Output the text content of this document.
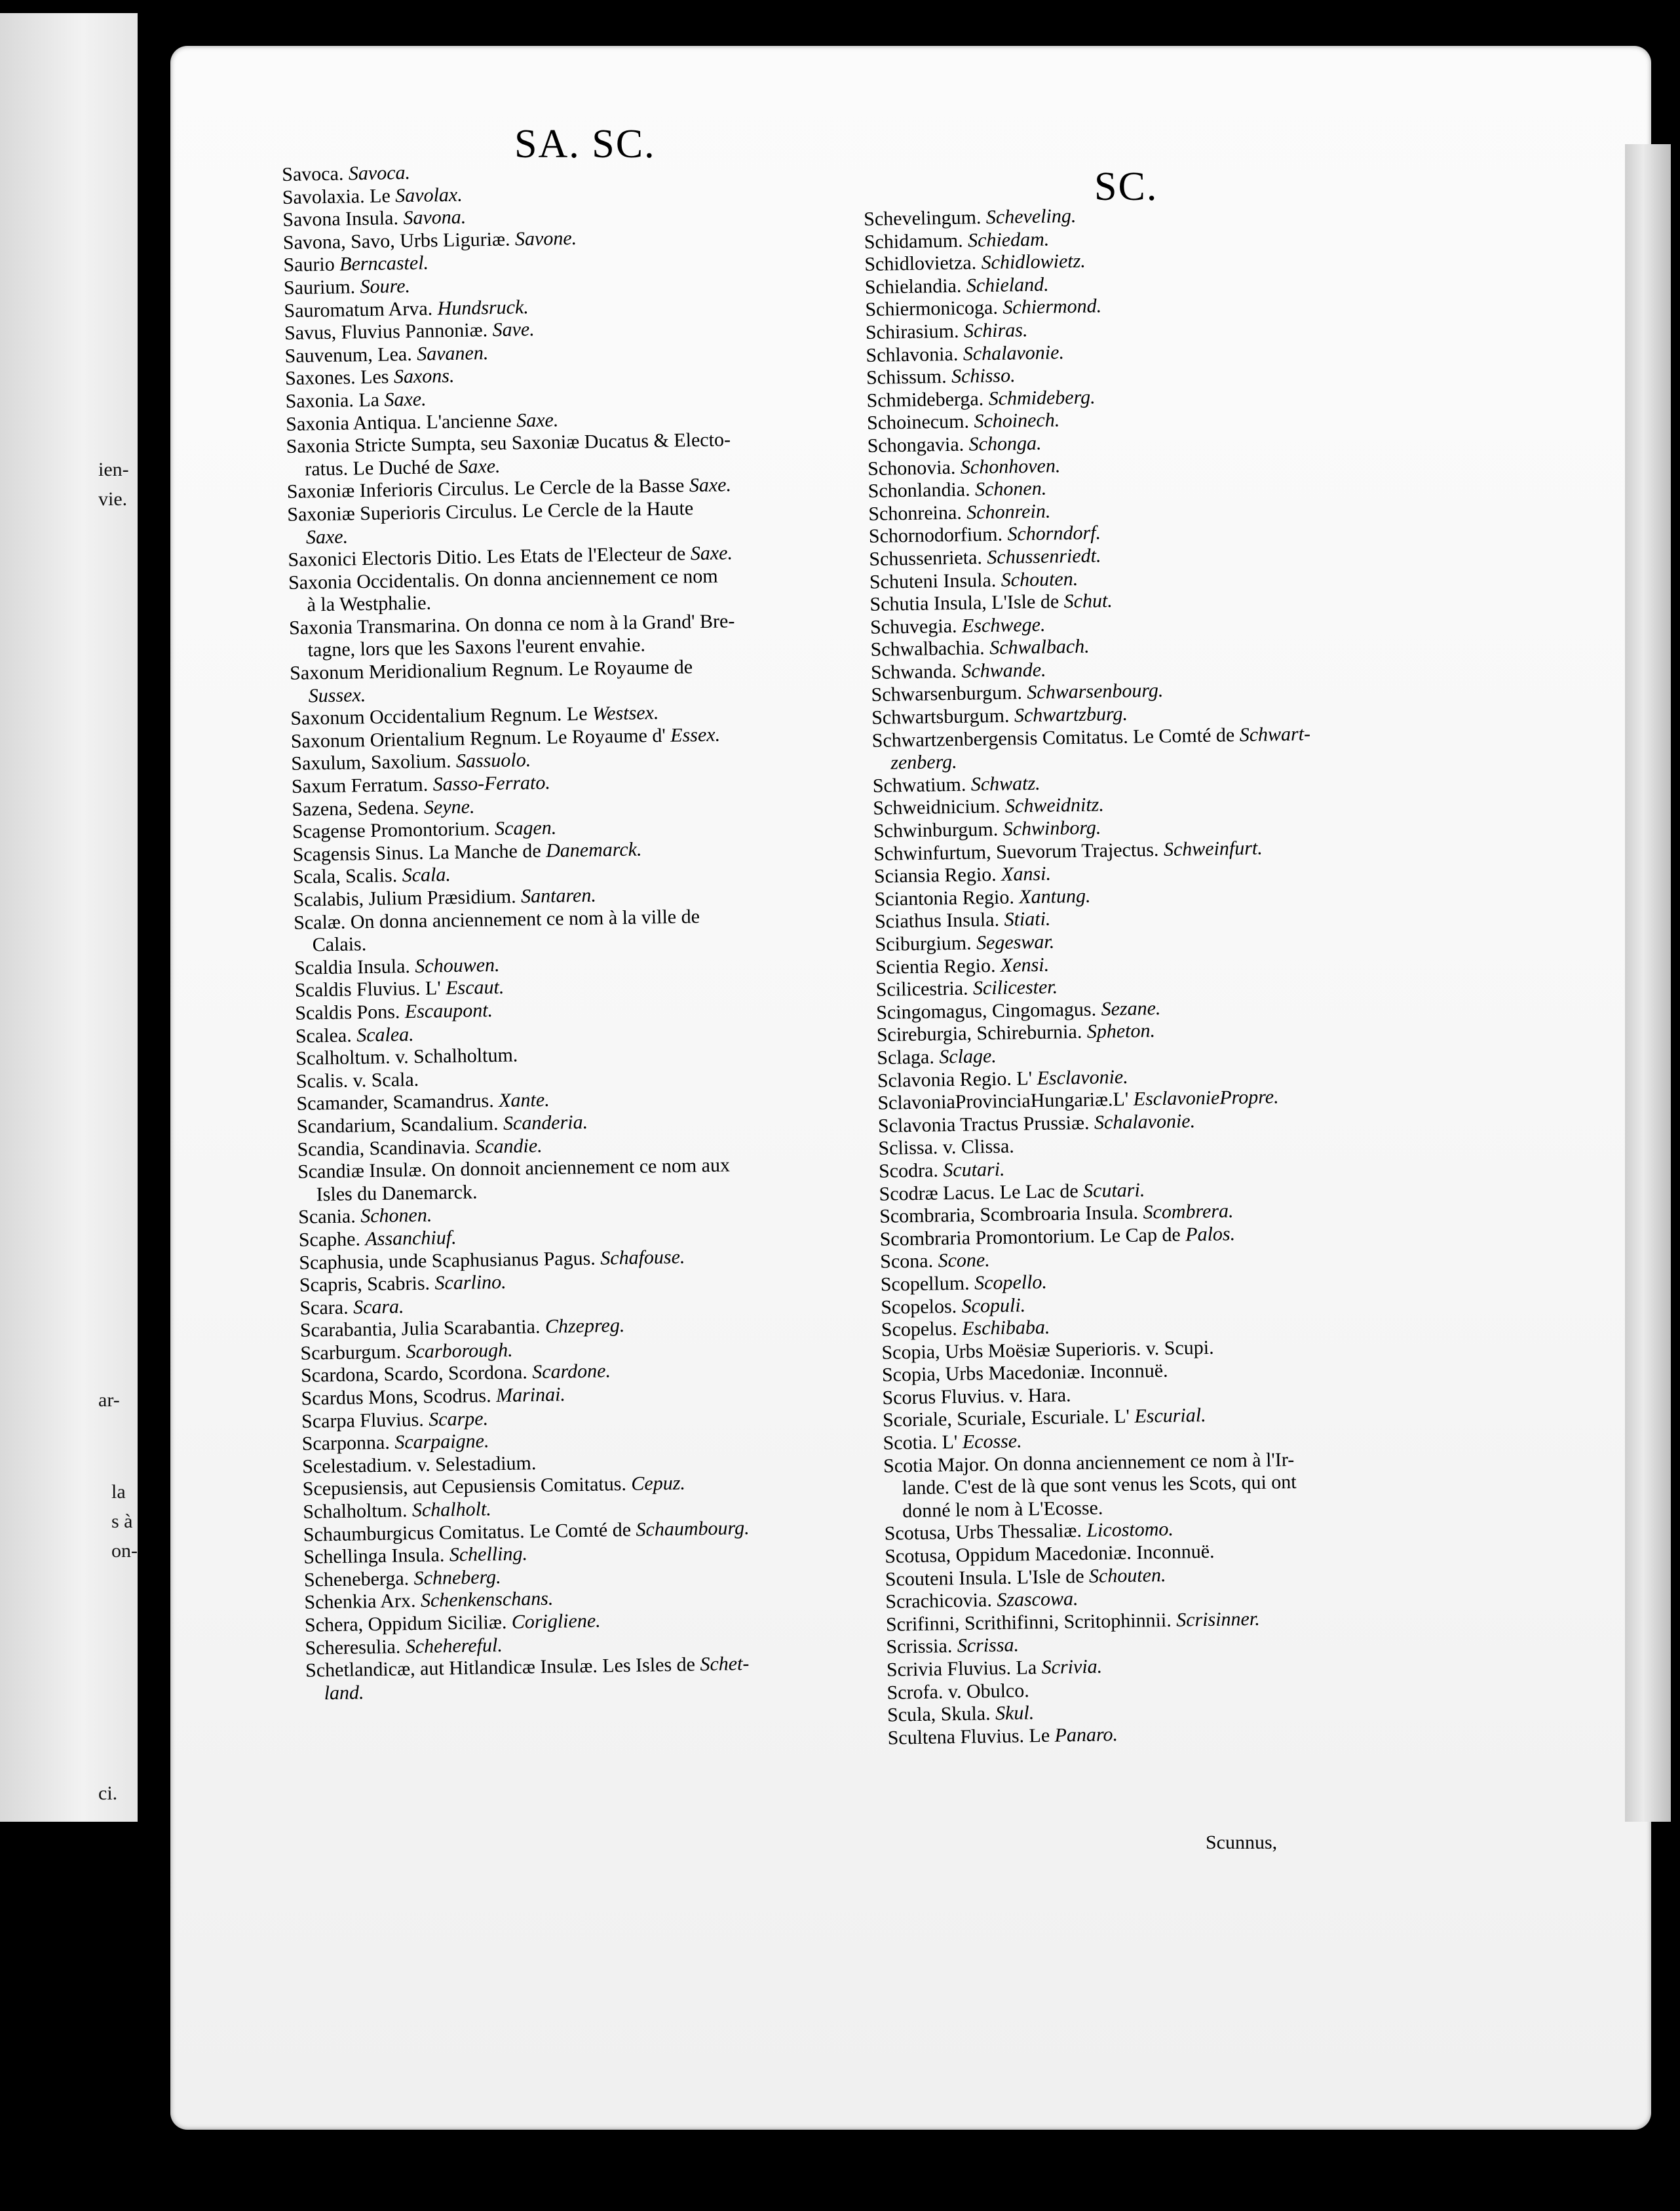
ien-
vie.
ar-
la
s à
on-
ci.
SA. SC.
SC.
Savoca. Savoca.
Savolaxia. Le Savolax.
Savona Insula. Savona.
Savona, Savo, Urbs Liguriæ. Savone.
Saurio Berncastel.
Saurium. Soure.
Sauromatum Arva. Hundsruck.
Savus, Fluvius Pannoniæ. Save.
Sauvenum, Lea. Savanen.
Saxones. Les Saxons.
Saxonia. La Saxe.
Saxonia Antiqua. L'ancienne Saxe.
Saxonia Stricte Sumpta, seu Saxoniæ Ducatus & Electo-
ratus. Le Duché de Saxe.
Saxoniæ Inferioris Circulus. Le Cercle de la Basse Saxe.
Saxoniæ Superioris Circulus. Le Cercle de la Haute
Saxe.
Saxonici Electoris Ditio. Les Etats de l'Electeur de Saxe.
Saxonia Occidentalis. On donna anciennement ce nom
à la Westphalie.
Saxonia Transmarina. On donna ce nom à la Grand' Bre-
tagne, lors que les Saxons l'eurent envahie.
Saxonum Meridionalium Regnum. Le Royaume de
Sussex.
Saxonum Occidentalium Regnum. Le Westsex.
Saxonum Orientalium Regnum. Le Royaume d' Essex.
Saxulum, Saxolium. Sassuolo.
Saxum Ferratum. Sasso-Ferrato.
Sazena, Sedena. Seyne.
Scagense Promontorium. Scagen.
Scagensis Sinus. La Manche de Danemarck.
Scala, Scalis. Scala.
Scalabis, Julium Præsidium. Santaren.
Scalæ. On donna anciennement ce nom à la ville de
Calais.
Scaldia Insula. Schouwen.
Scaldis Fluvius. L' Escaut.
Scaldis Pons. Escaupont.
Scalea. Scalea.
Scalholtum. v. Schalholtum.
Scalis. v. Scala.
Scamander, Scamandrus. Xante.
Scandarium, Scandalium. Scanderia.
Scandia, Scandinavia. Scandie.
Scandiæ Insulæ. On donnoit anciennement ce nom aux
Isles du Danemarck.
Scania. Schonen.
Scaphe. Assanchiuf.
Scaphusia, unde Scaphusianus Pagus. Schafouse.
Scapris, Scabris. Scarlino.
Scara. Scara.
Scarabantia, Julia Scarabantia. Chzepreg.
Scarburgum. Scarborough.
Scardona, Scardo, Scordona. Scardone.
Scardus Mons, Scodrus. Marinai.
Scarpa Fluvius. Scarpe.
Scarponna. Scarpaigne.
Scelestadium. v. Selestadium.
Scepusiensis, aut Cepusiensis Comitatus. Cepuz.
Schalholtum. Schalholt.
Schaumburgicus Comitatus. Le Comté de Schaumbourg.
Schellinga Insula. Schelling.
Scheneberga. Schneberg.
Schenkia Arx. Schenkenschans.
Schera, Oppidum Siciliæ. Corigliene.
Scheresulia. Schehereful.
Schetlandicæ, aut Hitlandicæ Insulæ. Les Isles de Schet-
land.
Schevelingum. Scheveling.
Schidamum. Schiedam.
Schidlovietza. Schidlowietz.
Schielandia. Schieland.
Schiermonicoga. Schiermond.
Schirasium. Schiras.
Schlavonia. Schalavonie.
Schissum. Schisso.
Schmideberga. Schmideberg.
Schoinecum. Schoinech.
Schongavia. Schonga.
Schonovia. Schonhoven.
Schonlandia. Schonen.
Schonreina. Schonrein.
Schornodorfium. Schorndorf.
Schussenrieta. Schussenriedt.
Schuteni Insula. Schouten.
Schutia Insula, L'Isle de Schut.
Schuvegia. Eschwege.
Schwalbachia. Schwalbach.
Schwanda. Schwande.
Schwarsenburgum. Schwarsenbourg.
Schwartsburgum. Schwartzburg.
Schwartzenbergensis Comitatus. Le Comté de Schwart-
zenberg.
Schwatium. Schwatz.
Schweidnicium. Schweidnitz.
Schwinburgum. Schwinborg.
Schwinfurtum, Suevorum Trajectus. Schweinfurt.
Sciansia Regio. Xansi.
Sciantonia Regio. Xantung.
Sciathus Insula. Stiati.
Sciburgium. Segeswar.
Scientia Regio. Xensi.
Scilicestria. Scilicester.
Scingomagus, Cingomagus. Sezane.
Scireburgia, Schireburnia. Spheton.
Sclaga. Sclage.
Sclavonia Regio. L' Esclavonie.
SclavoniaProvinciaHungariæ.L' EsclavoniePropre.
Sclavonia Tractus Prussiæ. Schalavonie.
Sclissa. v. Clissa.
Scodra. Scutari.
Scodræ Lacus. Le Lac de Scutari.
Scombraria, Scombroaria Insula. Scombrera.
Scombraria Promontorium. Le Cap de Palos.
Scona. Scone.
Scopellum. Scopello.
Scopelos. Scopuli.
Scopelus. Eschibaba.
Scopia, Urbs Moësiæ Superioris. v. Scupi.
Scopia, Urbs Macedoniæ. Inconnuë.
Scorus Fluvius. v. Hara.
Scoriale, Scuriale, Escuriale. L' Escurial.
Scotia. L' Ecosse.
Scotia Major. On donna anciennement ce nom à l'Ir-
lande. C'est de là que sont venus les Scots, qui ont
donné le nom à L'Ecosse.
Scotusa, Urbs Thessaliæ. Licostomo.
Scotusa, Oppidum Macedoniæ. Inconnuë.
Scouteni Insula. L'Isle de Schouten.
Scrachicovia. Szascowa.
Scrifinni, Scrithifinni, Scritophinnii. Scrisinner.
Scrissia. Scrissa.
Scrivia Fluvius. La Scrivia.
Scrofa. v. Obulco.
Scula, Skula. Skul.
Scultena Fluvius. Le Panaro.
Scunnus,
